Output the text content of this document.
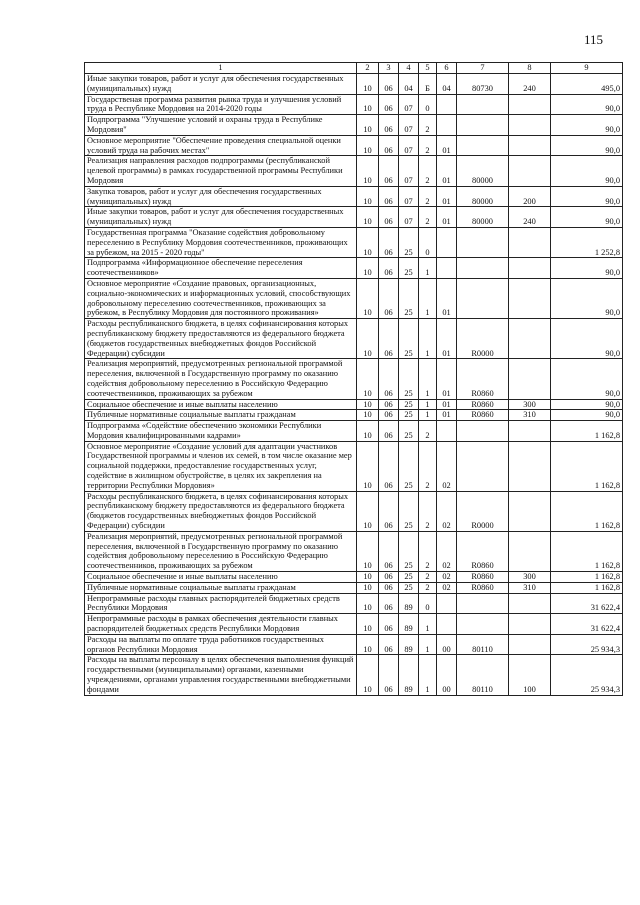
115
1	2	3	4	5	6	7	8	9
Иные закупки товаров, работ и услуг для обеспечения государственных (муниципальных) нужд	10	06	04	Б	04	80730	240	495,0
Государственая программа развития рынка труда и улучшения условий труда в Республике Мордовия на 2014-2020 годы	10	06	07	0				90,0
Подпрограмма "Улучшение условий и охраны труда в Республике Мордовия"	10	06	07	2				90,0
Основное мероприятие "Обеспечение проведения специальной оценки условий труда на рабочих местах"	10	06	07	2	01			90,0
Реализация направления расходов подпрограммы (республиканской целевой программы) в рамках государственной программы Республики Мордовия	10	06	07	2	01	80000		90,0
Закупка товаров, работ и услуг для обеспечения государственных (муниципальных) нужд	10	06	07	2	01	80000	200	90,0
Иные закупки товаров, работ и услуг для обеспечения государственных (муниципальных) нужд	10	06	07	2	01	80000	240	90,0
Государственная программа "Оказание содействия добровольному переселению в Республику Мордовия соотечественников, проживающих за рубежом, на 2015 - 2020 годы"	10	06	25	0				1 252,8
Подпрограмма «Информационное обеспечение переселения соотечественников»	10	06	25	1				90,0
Основное мероприятие «Создание правовых, организационных, социально-экономических и информационных условий, способствующих добровольному переселению соотечественников, проживающих за рубежом, в Республику Мордовия для постоянного проживания»	10	06	25	1	01			90,0
Расходы республиканского бюджета, в целях софинансирования которых республиканскому бюджету предоставляются из федерального бюджета (бюджетов государственных внебюджетных фондов Российской Федерации) субсидии	10	06	25	1	01	R0000		90,0
Реализация мероприятий, предусмотренных региональной программой переселения, включенной в Государственную программу по оказанию содействия добровольному переселению в Российскую Федерацию соотечественников, проживающих за рубежом	10	06	25	1	01	R0860		90,0
Социальное обеспечение и иные выплаты населению	10	06	25	1	01	R0860	300	90,0
Публичные нормативные социальные выплаты гражданам	10	06	25	1	01	R0860	310	90,0
Подпрограмма «Содействие обеспечению экономики Республики Мордовия квалифицированными кадрами»	10	06	25	2				1 162,8
Основное мероприятие «Создание условий для адаптации участников Государственной программы и членов их семей, в том числе оказание мер социальной поддержки, предоставление государственных услуг, содействие в жилищном обустройстве, в целях их закрепления на территории Республики Мордовия»	10	06	25	2	02			1 162,8
Расходы республиканского бюджета, в целях софинансирования которых республиканскому бюджету предоставляются из федерального бюджета (бюджетов государственных внебюджетных фондов Российской Федерации) субсидии	10	06	25	2	02	R0000		1 162,8
Реализация мероприятий, предусмотренных региональной программой переселения, включенной в Государственную программу по оказанию содействия добровольному переселению в Российскую Федерацию соотечественников, проживающих за рубежом	10	06	25	2	02	R0860		1 162,8
Социальное обеспечение и иные выплаты населению	10	06	25	2	02	R0860	300	1 162,8
Публичные нормативные социальные выплаты гражданам	10	06	25	2	02	R0860	310	1 162,8
Непрограммные расходы главных распорядителей бюджетных средств Республики Мордовия	10	06	89	0				31 622,4
Непрограммные расходы в рамках обеспечения деятельности главных распорядителей бюджетных средств Республики Мордовия	10	06	89	1				31 622,4
Расходы на выплаты по оплате труда работников государственных органов Республики Мордовия	10	06	89	1	00	80110		25 934,3
Расходы на выплаты персоналу в целях обеспечения выполнения функций государственными (муниципальными) органами, казенными учреждениями, органами управления государственными внебюджетными фондами	10	06	89	1	00	80110	100	25 934,3
